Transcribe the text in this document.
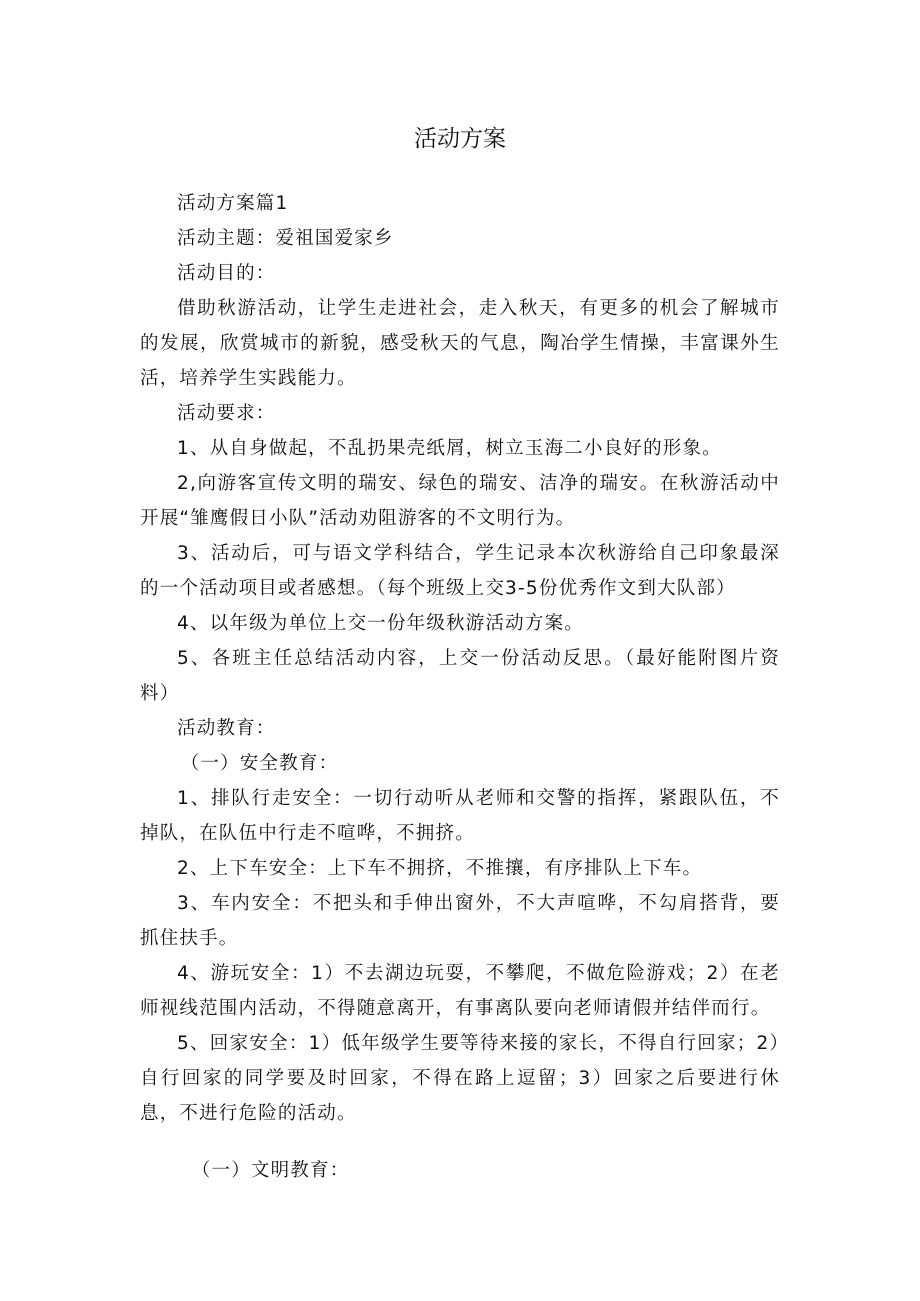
活动方案

活动方案篇1

活动主题：爱祖国爱家乡

活动目的：

借助秋游活动，让学生走进社会，走入秋天，有更多的机会了解城市的发展，欣赏城市的新貌，感受秋天的气息，陶冶学生情操，丰富课外生活，培养学生实践能力。

活动要求：

1、从自身做起，不乱扔果壳纸屑，树立玉海二小良好的形象。

2,向游客宣传文明的瑞安、绿色的瑞安、洁净的瑞安。在秋游活动中开展“雏鹰假日小队”活动劝阻游客的不文明行为。

3、活动后，可与语文学科结合，学生记录本次秋游给自己印象最深的一个活动项目或者感想。（每个班级上交3-5份优秀作文到大队部）

4、以年级为单位上交一份年级秋游活动方案。

5、各班主任总结活动内容，上交一份活动反思。（最好能附图片资料）

活动教育：

（一）安全教育：

1、排队行走安全：一切行动听从老师和交警的指挥，紧跟队伍，不掉队，在队伍中行走不喧哗，不拥挤。

2、上下车安全：上下车不拥挤，不推攘，有序排队上下车。

3、车内安全：不把头和手伸出窗外，不大声喧哗，不勾肩搭背，要抓住扶手。

4、游玩安全：1）不去湖边玩耍，不攀爬，不做危险游戏；2）在老师视线范围内活动，不得随意离开，有事离队要向老师请假并结伴而行。

5、回家安全：1）低年级学生要等待来接的家长，不得自行回家；2）自行回家的同学要及时回家，不得在路上逗留；3）回家之后要进行休息，不进行危险的活动。

（一）文明教育：
